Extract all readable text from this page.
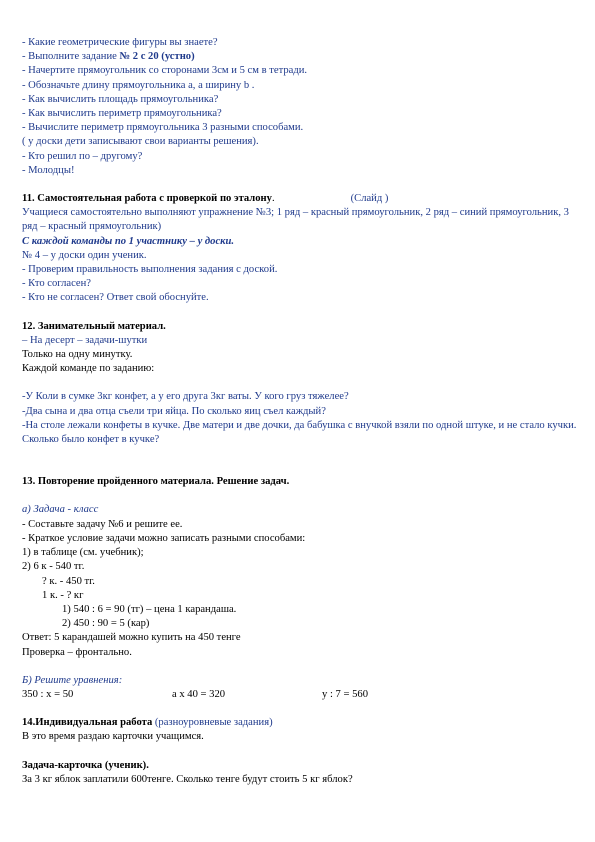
- Какие геометрические фигуры вы знаете?

- Выполните задание № 2 с 20 (устно)

- Начертите прямоугольник со сторонами 3см и 5 см в тетради.

- Обозначьте длину прямоугольника а, а ширину b .

- Как вычислить площадь прямоугольника?

- Как вычислить периметр прямоугольника?

- Вычислите периметр прямоугольника 3 разными способами.

( у доски дети записывают свои варианты решения).

- Кто решил по – другому?

- Молодцы!

11. Самостоятельная работа с проверкой по эталону.	(Слайд )

Учащиеся самостоятельно выполняют упражнение №3; 1 ряд – красный прямоугольник, 2 ряд – синий прямоугольник, 3 ряд – красный прямоугольник)

С каждой команды по 1 участнику – у доски.

№ 4 – у доски один ученик.

- Проверим правильность выполнения задания с доской.

- Кто согласен?

- Кто не согласен? Ответ свой обоснуйте.

12. Занимательный материал.

– На десерт – задачи-шутки

Только на одну минутку.

Каждой команде по заданию:

-У Коли в сумке 3кг конфет, а у его друга 3кг ваты. У кого груз тяжелее?

-Два сына и два отца съели три яйца. По сколько яиц съел каждый?

-На столе лежали конфеты в кучке. Две матери и две дочки, да бабушка с внучкой взяли по одной штуке, и не стало кучки. Сколько было конфет в кучке?

13. Повторение пройденного материала. Решение задач.

а) Задача - класс

- Составьте задачу №6 и решите ее.

- Краткое условие задачи можно записать разными способами:

1) в таблице (см. учебник);

2) 6 к - 540 тг.

? к. - 450 тг.

1 к. - ? кг

1) 540 : 6 = 90 (тг) – цена 1 карандаша.

2) 450 : 90 = 5 (кар)

Ответ: 5 карандашей можно купить на 450 тенге

Проверка – фронтально.

Б) Решите уравнения:

350 : х = 50	а х 40 = 320	у : 7 = 560

14.Индивидуальная работа (разноуровневые задания)

В это время раздаю карточки учащимся.

Задача-карточка (ученик).

За 3 кг яблок заплатили 600тенге. Сколько тенге будут стоить 5 кг яблок?
